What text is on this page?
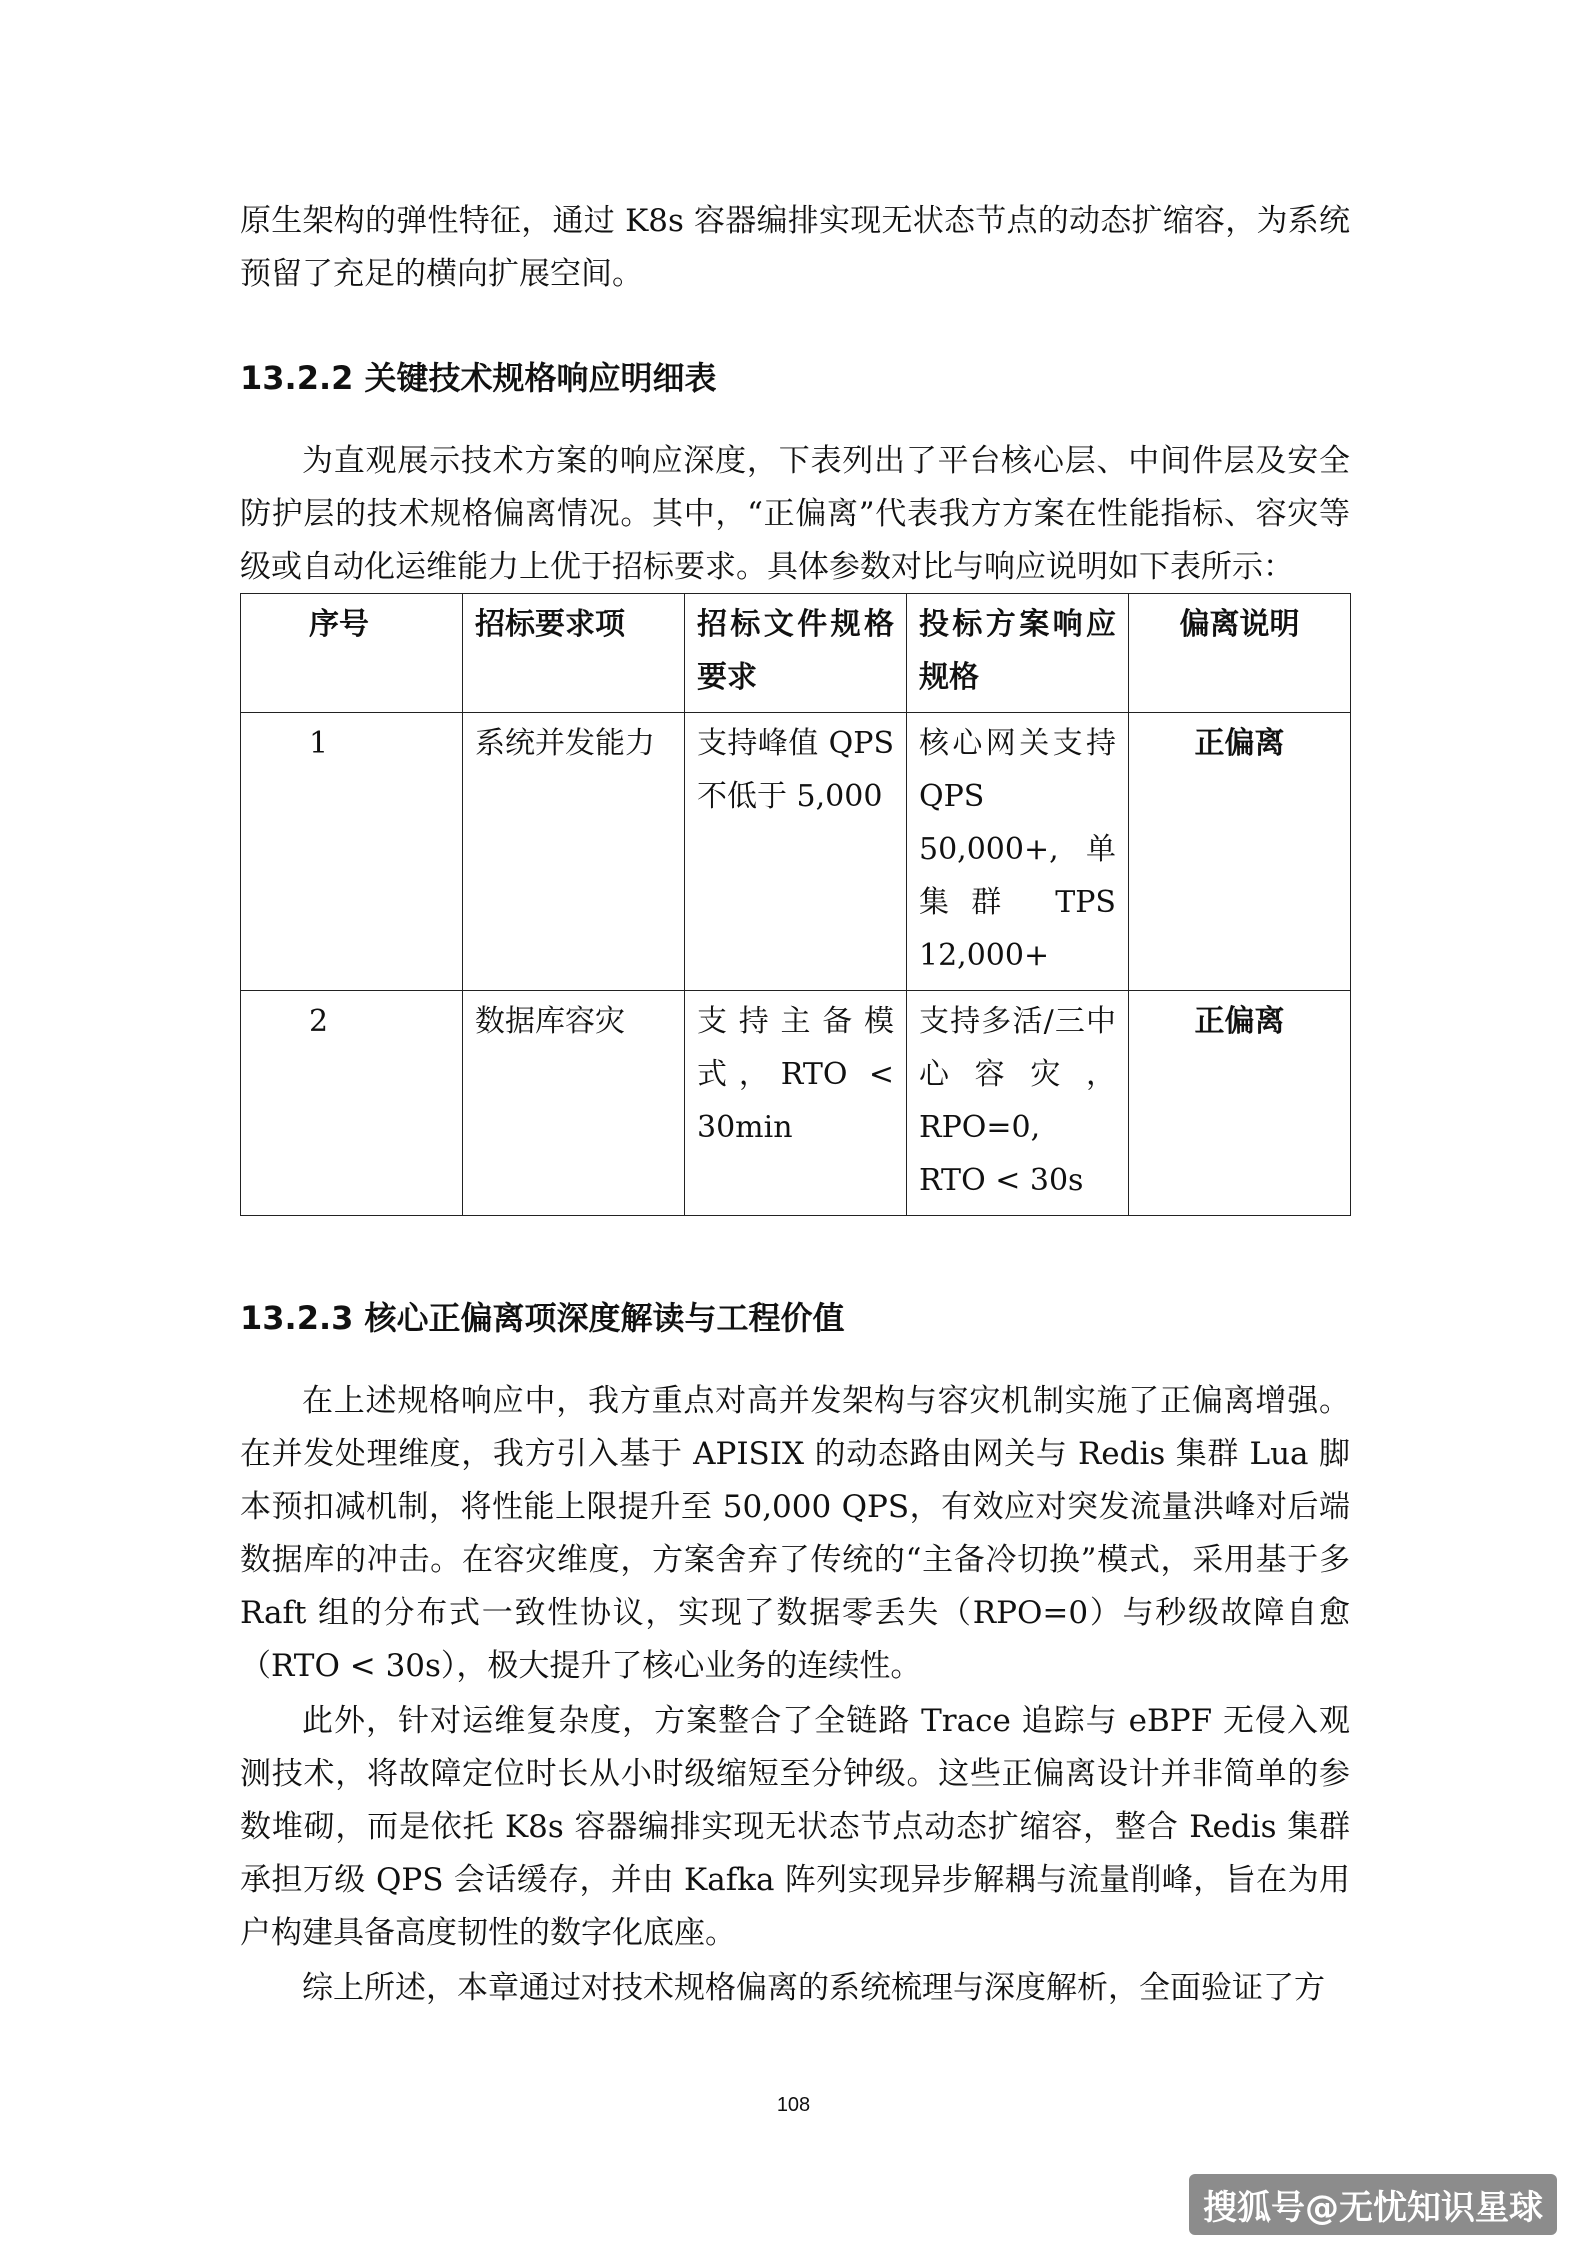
原生架构的弹性特征，通过 K8s 容器编排实现无状态节点的动态扩缩容，为系统预留了充足的横向扩展空间。

13.2.2 关键技术规格响应明细表

为直观展示技术方案的响应深度，下表列出了平台核心层、中间件层及安全防护层的技术规格偏离情况。其中，“正偏离”代表我方方案在性能指标、容灾等级或自动化运维能力上优于招标要求。具体参数对比与响应说明如下表所示：

序号	招标要求项	招标文件规格要求	投标方案响应规格	偏离说明
1	系统并发能力	支持峰值 QPS 不低于 5,000	核心网关支持 QPS 50,000+,单集群 TPS 12,000+	正偏离
2	数据库容灾	支持主备模式，RTO < 30min	支持多活/三中心容灾，RPO=0, RTO < 30s	正偏离
13.2.3 核心正偏离项深度解读与工程价值

在上述规格响应中，我方重点对高并发架构与容灾机制实施了正偏离增强。在并发处理维度，我方引入基于 APISIX 的动态路由网关与 Redis 集群 Lua 脚本预扣减机制，将性能上限提升至 50,000 QPS，有效应对突发流量洪峰对后端数据库的冲击。在容灾维度，方案舍弃了传统的“主备冷切换”模式，采用基于多 Raft 组的分布式一致性协议，实现了数据零丢失（RPO=0）与秒级故障自愈（RTO < 30s），极大提升了核心业务的连续性。

此外，针对运维复杂度，方案整合了全链路 Trace 追踪与 eBPF 无侵入观测技术，将故障定位时长从小时级缩短至分钟级。这些正偏离设计并非简单的参数堆砌，而是依托 K8s 容器编排实现无状态节点动态扩缩容，整合 Redis 集群承担万级 QPS 会话缓存，并由 Kafka 阵列实现异步解耦与流量削峰，旨在为用户构建具备高度韧性的数字化底座。

综上所述，本章通过对技术规格偏离的系统梳理与深度解析，全面验证了方

108
搜狐号@无忧知识星球
